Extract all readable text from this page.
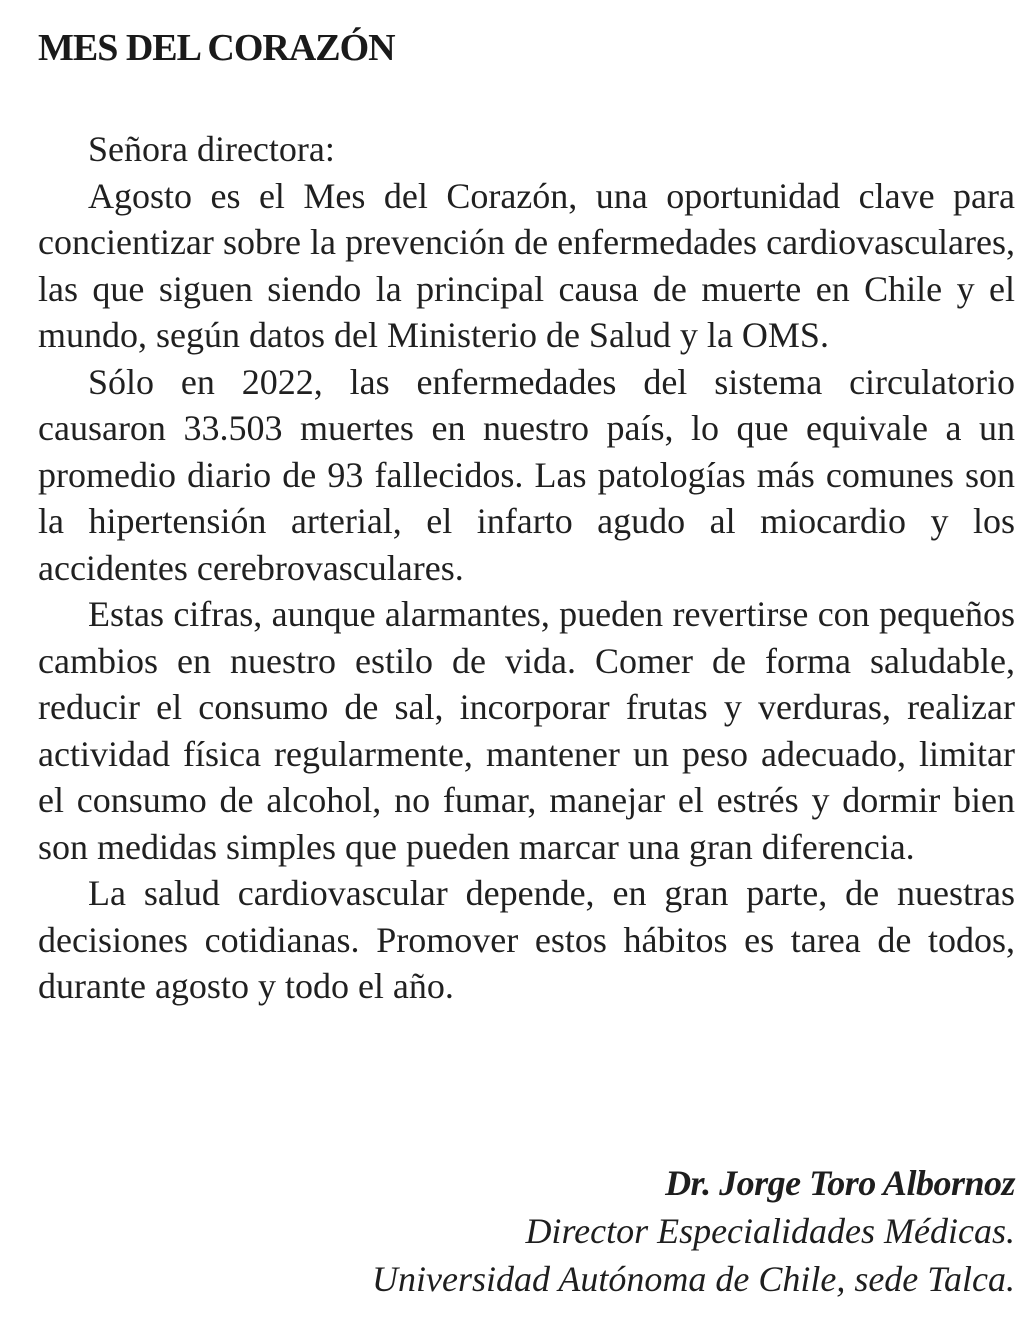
MES DEL CORAZÓN

Señora directora:

Agosto es el Mes del Corazón, una oportunidad clave para concientizar sobre la prevención de enfermedades cardiovasculares, las que siguen siendo la principal causa de muerte en Chile y el mundo, según datos del Ministerio de Salud y la OMS.

Sólo en 2022, las enfermedades del sistema circulatorio causaron 33.503 muertes en nuestro país, lo que equivale a un promedio diario de 93 fallecidos. Las patologías más comunes son la hipertensión arterial, el infarto agudo al miocardio y los accidentes cerebrovasculares.

Estas cifras, aunque alarmantes, pueden revertirse con pequeños cambios en nuestro estilo de vida. Comer de forma saludable, reducir el consumo de sal, incorporar frutas y verduras, realizar actividad física regularmente, mantener un peso adecuado, limitar el consumo de alcohol, no fumar, manejar el estrés y dormir bien son medidas simples que pueden marcar una gran diferencia.

La salud cardiovascular depende, en gran parte, de nuestras decisiones cotidianas. Promover estos hábitos es tarea de todos, durante agosto y todo el año.

Dr. Jorge Toro Albornoz
Director Especialidades Médicas.
Universidad Autónoma de Chile, sede Talca.
